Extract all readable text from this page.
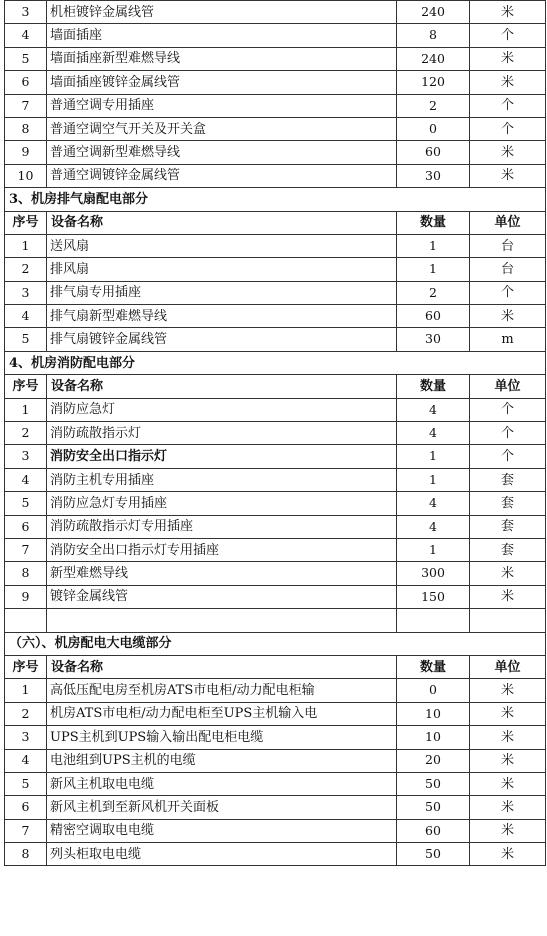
3	机柜镀锌金属线管	240	米
4	墙面插座	8	个
5	墙面插座新型难燃导线	240	米
6	墙面插座镀锌金属线管	120	米
7	普通空调专用插座	2	个
8	普通空调空气开关及开关盒	0	个
9	普通空调新型难燃导线	60	米
10	普通空调镀锌金属线管	30	米
3、机房排气扇配电部分			
序号	设备名称	数量	单位
1	送风扇	1	台
2	排风扇	1	台
3	排气扇专用插座	2	个
4	排气扇新型难燃导线	60	米
5	排气扇镀锌金属线管	30	m
4、机房消防配电部分			
序号	设备名称	数量	单位
1	消防应急灯	4	个
2	消防疏散指示灯	4	个
3	消防安全出口指示灯	1	个
4	消防主机专用插座	1	套
5	消防应急灯专用插座	4	套
6	消防疏散指示灯专用插座	4	套
7	消防安全出口指示灯专用插座	1	套
8	新型难燃导线	300	米
9	镀锌金属线管	150	米

（六）、机房配电大电缆部分			
序号	设备名称	数量	单位
1	高低压配电房至机房ATS市电柜/动力配电柜输	0	米
2	机房ATS市电柜/动力配电柜至UPS主机输入电	10	米
3	UPS主机到UPS输入输出配电柜电缆	10	米
4	电池组到UPS主机的电缆	20	米
5	新风主机取电电缆	50	米
6	新风主机到至新风机开关面板	50	米
7	精密空调取电电缆	60	米
8	列头柜取电电缆	50	米
